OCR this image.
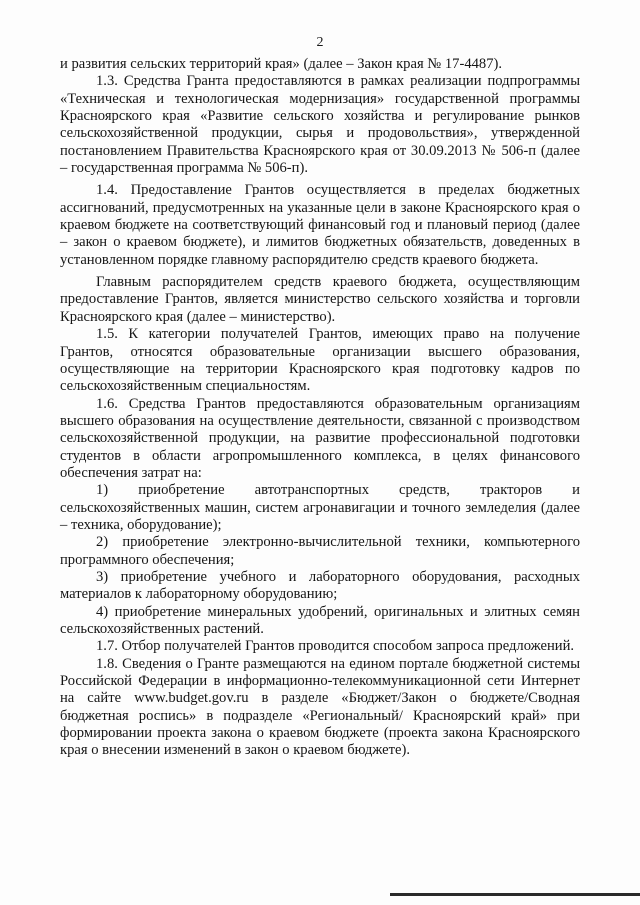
2

и развития сельских территорий края» (далее – Закон края № 17-4487).

1.3. Средства Гранта предоставляются в рамках реализации подпрограммы «Техническая и технологическая модернизация» государственной программы Красноярского края «Развитие сельского хозяйства и регулирование рынков сельскохозяйственной продукции, сырья и продовольствия», утвержденной постановлением Правительства Красноярского края от 30.09.2013 № 506-п (далее – государственная программа № 506-п).

1.4. Предоставление Грантов осуществляется в пределах бюджетных ассигнований, предусмотренных на указанные цели в законе Красноярского края о краевом бюджете на соответствующий финансовый год и плановый период (далее – закон о краевом бюджете), и лимитов бюджетных обязательств, доведенных в установленном порядке главному распорядителю средств краевого бюджета.

Главным распорядителем средств краевого бюджета, осуществляющим предоставление Грантов, является министерство сельского хозяйства и торговли Красноярского края (далее – министерство).

1.5. К категории получателей Грантов, имеющих право на получение Грантов, относятся образовательные организации высшего образования, осуществляющие на территории Красноярского края подготовку кадров по сельскохозяйственным специальностям.

1.6. Средства Грантов предоставляются образовательным организациям высшего образования на осуществление деятельности, связанной с производством сельскохозяйственной продукции, на развитие профессиональной подготовки студентов в области агропромышленного комплекса, в целях финансового обеспечения затрат на:

1) приобретение автотранспортных средств, тракторов и сельскохозяйственных машин, систем агронавигации и точного земледелия (далее – техника, оборудование);

2) приобретение электронно-вычислительной техники, компьютерного программного обеспечения;

3) приобретение учебного и лабораторного оборудования, расходных материалов к лабораторному оборудованию;

4) приобретение минеральных удобрений, оригинальных и элитных семян сельскохозяйственных растений.

1.7. Отбор получателей Грантов проводится способом запроса предложений.

1.8. Сведения о Гранте размещаются на едином портале бюджетной системы Российской Федерации в информационно-телекоммуникационной сети Интернет на сайте www.budget.gov.ru в разделе «Бюджет/Закон о бюджете/Сводная бюджетная роспись» в подразделе «Региональный/ Красноярский край» при формировании проекта закона о краевом бюджете (проекта закона Красноярского края о внесении изменений в закон о краевом бюджете).
